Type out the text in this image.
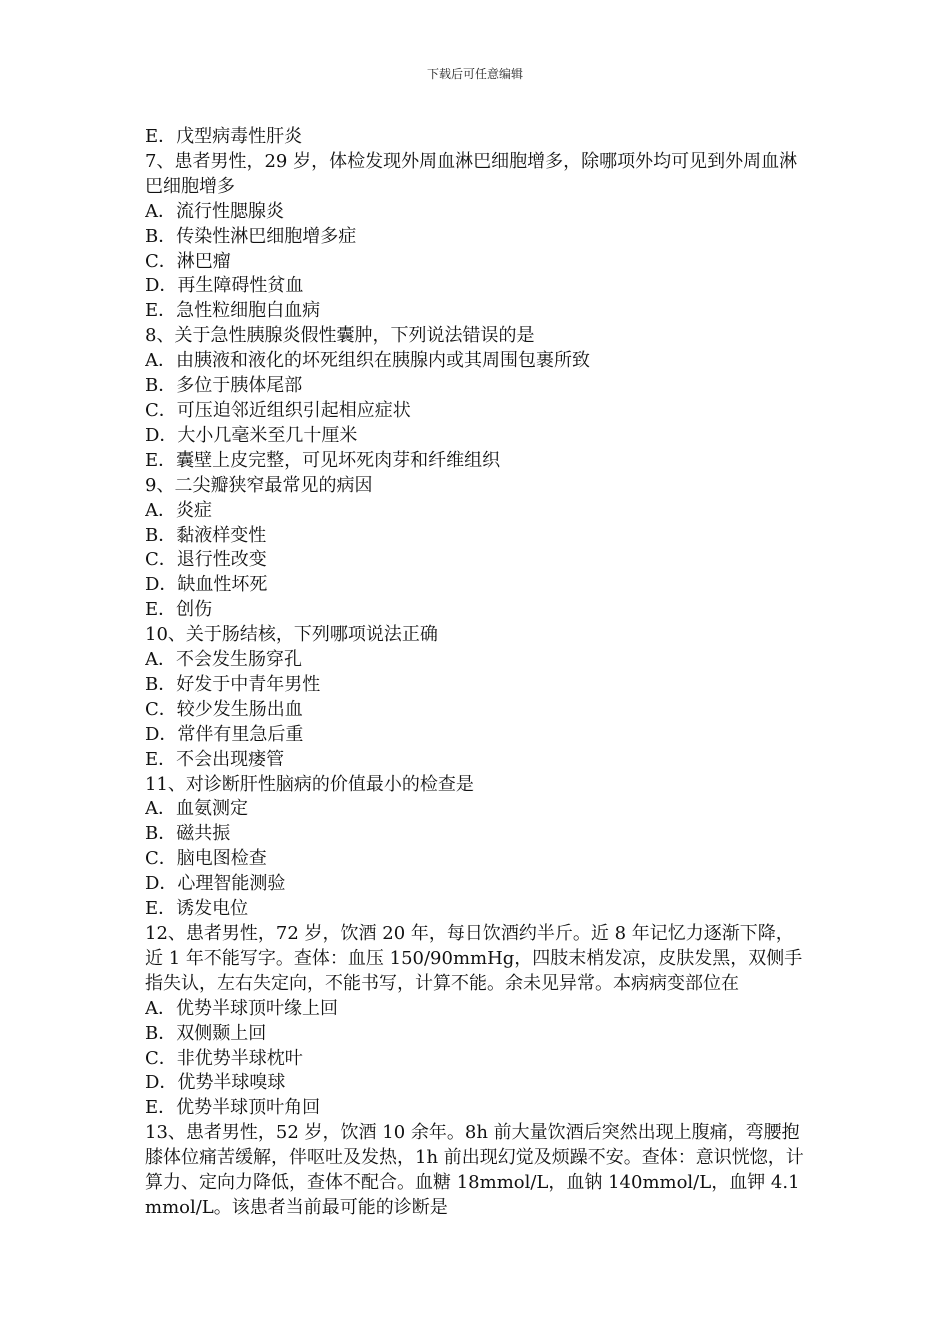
下载后可任意编辑
E．戊型病毒性肝炎
7、患者男性，29 岁，体检发现外周血淋巴细胞增多，除哪项外均可见到外周血淋巴细胞增多
A．流行性腮腺炎
B．传染性淋巴细胞增多症
C．淋巴瘤
D．再生障碍性贫血
E．急性粒细胞白血病
8、关于急性胰腺炎假性囊肿，下列说法错误的是
A．由胰液和液化的坏死组织在胰腺内或其周围包裹所致
B．多位于胰体尾部
C．可压迫邻近组织引起相应症状
D．大小几毫米至几十厘米
E．囊壁上皮完整，可见坏死肉芽和纤维组织
9、二尖瓣狭窄最常见的病因
A．炎症
B．黏液样变性
C．退行性改变
D．缺血性坏死
E．创伤
10、关于肠结核，下列哪项说法正确
A．不会发生肠穿孔
B．好发于中青年男性
C．较少发生肠出血
D．常伴有里急后重
E．不会出现瘘管
11、对诊断肝性脑病的价值最小的检查是
A．血氨测定
B．磁共振
C．脑电图检查
D．心理智能测验
E．诱发电位
12、患者男性，72 岁，饮酒 20 年，每日饮酒约半斤。近 8 年记忆力逐渐下降，近 1 年不能写字。查体：血压 150/90mmHg，四肢末梢发凉，皮肤发黑，双侧手指失认，左右失定向，不能书写，计算不能。余未见异常。本病病变部位在
A．优势半球顶叶缘上回
B．双侧颞上回
C．非优势半球枕叶
D．优势半球嗅球
E．优势半球顶叶角回
13、患者男性，52 岁，饮酒 10 余年。8h 前大量饮酒后突然出现上腹痛，弯腰抱膝体位痛苦缓解，伴呕吐及发热，1h 前出现幻觉及烦躁不安。查体：意识恍惚，计算力、定向力降低，查体不配合。血糖 18mmol/L，血钠 140mmol/L，血钾 4.1mmol/L。该患者当前最可能的诊断是
